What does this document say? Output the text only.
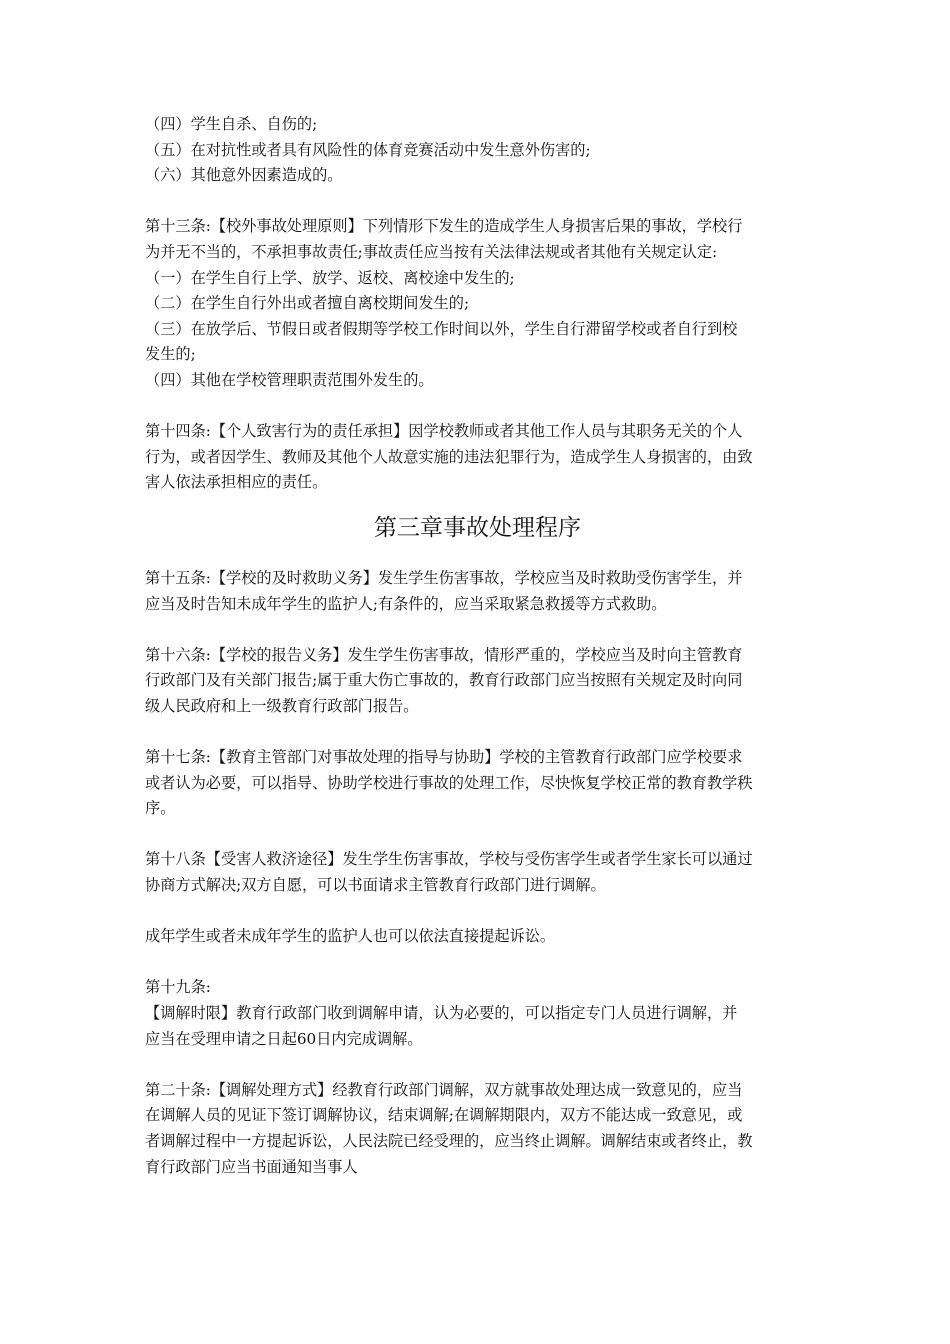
（四）学生自杀、自伤的;
（五）在对抗性或者具有风险性的体育竞赛活动中发生意外伤害的;
（六）其他意外因素造成的。
第十三条:【校外事故处理原则】下列情形下发生的造成学生人身损害后果的事故，学校行
为并无不当的，不承担事故责任;事故责任应当按有关法律法规或者其他有关规定认定:
（一）在学生自行上学、放学、返校、离校途中发生的;
（二）在学生自行外出或者擅自离校期间发生的;
（三）在放学后、节假日或者假期等学校工作时间以外，学生自行滞留学校或者自行到校
发生的;
（四）其他在学校管理职责范围外发生的。
第十四条:【个人致害行为的责任承担】因学校教师或者其他工作人员与其职务无关的个人
行为，或者因学生、教师及其他个人故意实施的违法犯罪行为，造成学生人身损害的，由致
害人依法承担相应的责任。
第三章事故处理程序
第十五条:【学校的及时救助义务】发生学生伤害事故，学校应当及时救助受伤害学生，并
应当及时告知未成年学生的监护人;有条件的，应当采取紧急救援等方式救助。
第十六条:【学校的报告义务】发生学生伤害事故，情形严重的，学校应当及时向主管教育
行政部门及有关部门报告;属于重大伤亡事故的，教育行政部门应当按照有关规定及时向同
级人民政府和上一级教育行政部门报告。
第十七条:【教育主管部门对事故处理的指导与协助】学校的主管教育行政部门应学校要求
或者认为必要，可以指导、协助学校进行事故的处理工作，尽快恢复学校正常的教育教学秩
序。
第十八条【受害人救济途径】发生学生伤害事故，学校与受伤害学生或者学生家长可以通过
协商方式解决;双方自愿，可以书面请求主管教育行政部门进行调解。
成年学生或者未成年学生的监护人也可以依法直接提起诉讼。
第十九条:
【调解时限】教育行政部门收到调解申请，认为必要的，可以指定专门人员进行调解，并
应当在受理申请之日起60日内完成调解。
第二十条:【调解处理方式】经教育行政部门调解，双方就事故处理达成一致意见的，应当
在调解人员的见证下签订调解协议，结束调解;在调解期限内，双方不能达成一致意见，或
者调解过程中一方提起诉讼，人民法院已经受理的，应当终止调解。调解结束或者终止，教
育行政部门应当书面通知当事人
